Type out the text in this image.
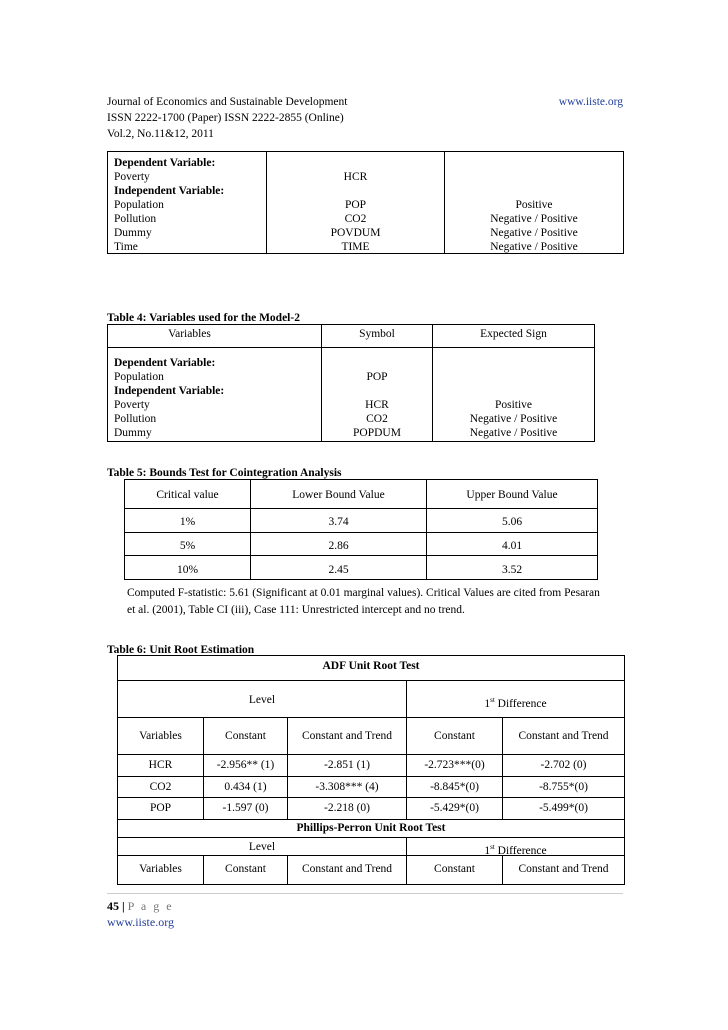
Journal of Economics and Sustainable Development	www.iiste.org
ISSN 2222-1700 (Paper) ISSN 2222-2855 (Online)
Vol.2, No.11&12, 2011
Dependent Variable:
Poverty	HCR
Independent Variable:
Population	POP	Positive
Pollution	CO2	Negative / Positive
Dummy	POVDUM	Negative / Positive
Time	TIME	Negative / Positive
Table 4: Variables used for the Model-2
Variables	Symbol	Expected Sign
Dependent Variable:
Population	POP
Independent Variable:
Poverty	HCR	Positive
Pollution	CO2	Negative / Positive
Dummy	POPDUM	Negative / Positive
Table 5: Bounds Test for Cointegration Analysis
Critical value	Lower Bound Value	Upper Bound Value
1%	3.74	5.06
5%	2.86	4.01
10%	2.45	3.52
Computed F-statistic: 5.61 (Significant at 0.01 marginal values). Critical Values are cited from Pesaran
et al. (2001), Table CI (iii), Case 111: Unrestricted intercept and no trend.
Table 6: Unit Root Estimation
ADF Unit Root Test
Level	1st Difference
Variables	Constant	Constant and Trend	Constant	Constant and Trend
HCR	-2.956** (1)	-2.851 (1)	-2.723***(0)	-2.702 (0)
CO2	0.434 (1)	-3.308*** (4)	-8.845*(0)	-8.755*(0)
POP	-1.597 (0)	-2.218 (0)	-5.429*(0)	-5.499*(0)
Phillips-Perron Unit Root Test
Level	1st Difference
Variables	Constant	Constant and Trend	Constant	Constant and Trend
45 | P a g e
www.iiste.org
